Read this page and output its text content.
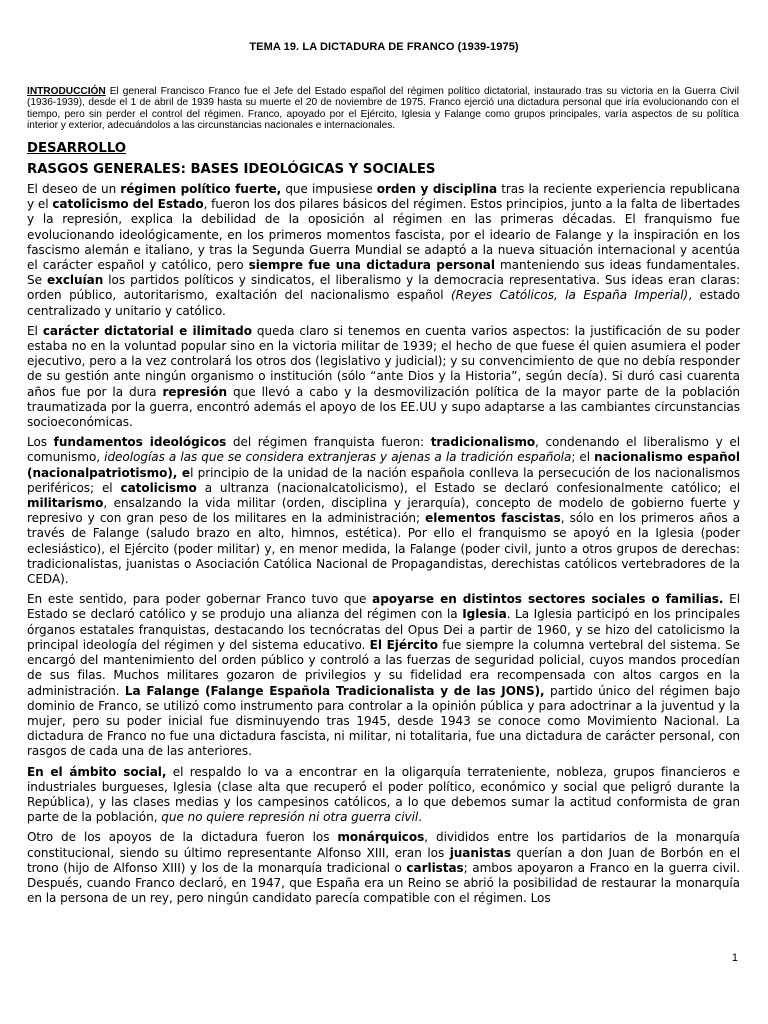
TEMA 19. LA DICTADURA DE FRANCO (1939-1975)
INTRODUCCIÓN El general Francisco Franco fue el Jefe del Estado español del régimen político dictatorial, instaurado tras su victoria en la Guerra Civil (1936-1939), desde el 1 de abril de 1939 hasta su muerte el 20 de noviembre de 1975. Franco ejerció una dictadura personal que iría evolucionando con el tiempo, pero sin perder el control del régimen. Franco, apoyado por el Ejército, Iglesia y Falange como grupos principales, varía aspectos de su política interior y exterior, adecuándolos a las circunstancias nacionales e internacionales.
DESARROLLO
RASGOS GENERALES: BASES IDEOLÓGICAS Y SOCIALES
El deseo de un régimen político fuerte, que impusiese orden y disciplina tras la reciente experiencia republicana y el catolicismo del Estado, fueron los dos pilares básicos del régimen. Estos principios, junto a la falta de libertades y la represión, explica la debilidad de la oposición al régimen en las primeras décadas. El franquismo fue evolucionando ideológicamente, en los primeros momentos fascista, por el ideario de Falange y la inspiración en los fascismo alemán e italiano, y tras la Segunda Guerra Mundial se adaptó a la nueva situación internacional y acentúa el carácter español y católico, pero siempre fue una dictadura personal manteniendo sus ideas fundamentales. Se excluían los partidos políticos y sindicatos, el liberalismo y la democracia representativa. Sus ideas eran claras: orden público, autoritarismo, exaltación del nacionalismo español (Reyes Católicos, la España Imperial), estado centralizado y unitario y católico.
El carácter dictatorial e ilimitado queda claro si tenemos en cuenta varios aspectos: la justificación de su poder estaba no en la voluntad popular sino en la victoria militar de 1939; el hecho de que fuese él quien asumiera el poder ejecutivo, pero a la vez controlará los otros dos (legislativo y judicial); y su convencimiento de que no debía responder de su gestión ante ningún organismo o institución (sólo “ante Dios y la Historia”, según decía). Si duró casi cuarenta años fue por la dura represión que llevó a cabo y la desmovilización política de la mayor parte de la población traumatizada por la guerra, encontró además el apoyo de los EE.UU y supo adaptarse a las cambiantes circunstancias socioeconómicas.
Los fundamentos ideológicos del régimen franquista fueron: tradicionalismo, condenando el liberalismo y el comunismo, ideologías a las que se considera extranjeras y ajenas a la tradición española; el nacionalismo español (nacionalpatriotismo), el principio de la unidad de la nación española conlleva la persecución de los nacionalismos periféricos; el catolicismo a ultranza (nacionalcatolicismo), el Estado se declaró confesionalmente católico; el militarismo, ensalzando la vida militar (orden, disciplina y jerarquía), concepto de modelo de gobierno fuerte y represivo y con gran peso de los militares en la administración; elementos fascistas, sólo en los primeros años a través de Falange (saludo brazo en alto, himnos, estética). Por ello el franquismo se apoyó en la Iglesia (poder eclesiástico), el Ejército (poder militar) y, en menor medida, la Falange (poder civil, junto a otros grupos de derechas: tradicionalistas, juanistas o Asociación Católica Nacional de Propagandistas, derechistas católicos vertebradores de la CEDA).
En este sentido, para poder gobernar Franco tuvo que apoyarse en distintos sectores sociales o familias. El Estado se declaró católico y se produjo una alianza del régimen con la Iglesia. La Iglesia participó en los principales órganos estatales franquistas, destacando los tecnócratas del Opus Dei a partir de 1960, y se hizo del catolicismo la principal ideología del régimen y del sistema educativo. El Ejército fue siempre la columna vertebral del sistema. Se encargó del mantenimiento del orden público y controló a las fuerzas de seguridad policial, cuyos mandos procedían de sus filas. Muchos militares gozaron de privilegios y su fidelidad era recompensada con altos cargos en la administración. La Falange (Falange Española Tradicionalista y de las JONS), partido único del régimen bajo dominio de Franco, se utilizó como instrumento para controlar a la opinión pública y para adoctrinar a la juventud y la mujer, pero su poder inicial fue disminuyendo tras 1945, desde 1943 se conoce como Movimiento Nacional. La dictadura de Franco no fue una dictadura fascista, ni militar, ni totalitaria, fue una dictadura de carácter personal, con rasgos de cada una de las anteriores.
En el ámbito social, el respaldo lo va a encontrar en la oligarquía terrateniente, nobleza, grupos financieros e industriales burgueses, Iglesia (clase alta que recuperó el poder político, económico y social que peligró durante la República), y las clases medias y los campesinos católicos, a lo que debemos sumar la actitud conformista de gran parte de la población, que no quiere represión ni otra guerra civil.
Otro de los apoyos de la dictadura fueron los monárquicos, divididos entre los partidarios de la monarquía constitucional, siendo su último representante Alfonso XIII, eran los juanistas querían a don Juan de Borbón en el trono (hijo de Alfonso XIII) y los de la monarquía tradicional o carlistas; ambos apoyaron a Franco en la guerra civil. Después, cuando Franco declaró, en 1947, que España era un Reino se abrió la posibilidad de restaurar la monarquía en la persona de un rey, pero ningún candidato parecía compatible con el régimen. Los
1
